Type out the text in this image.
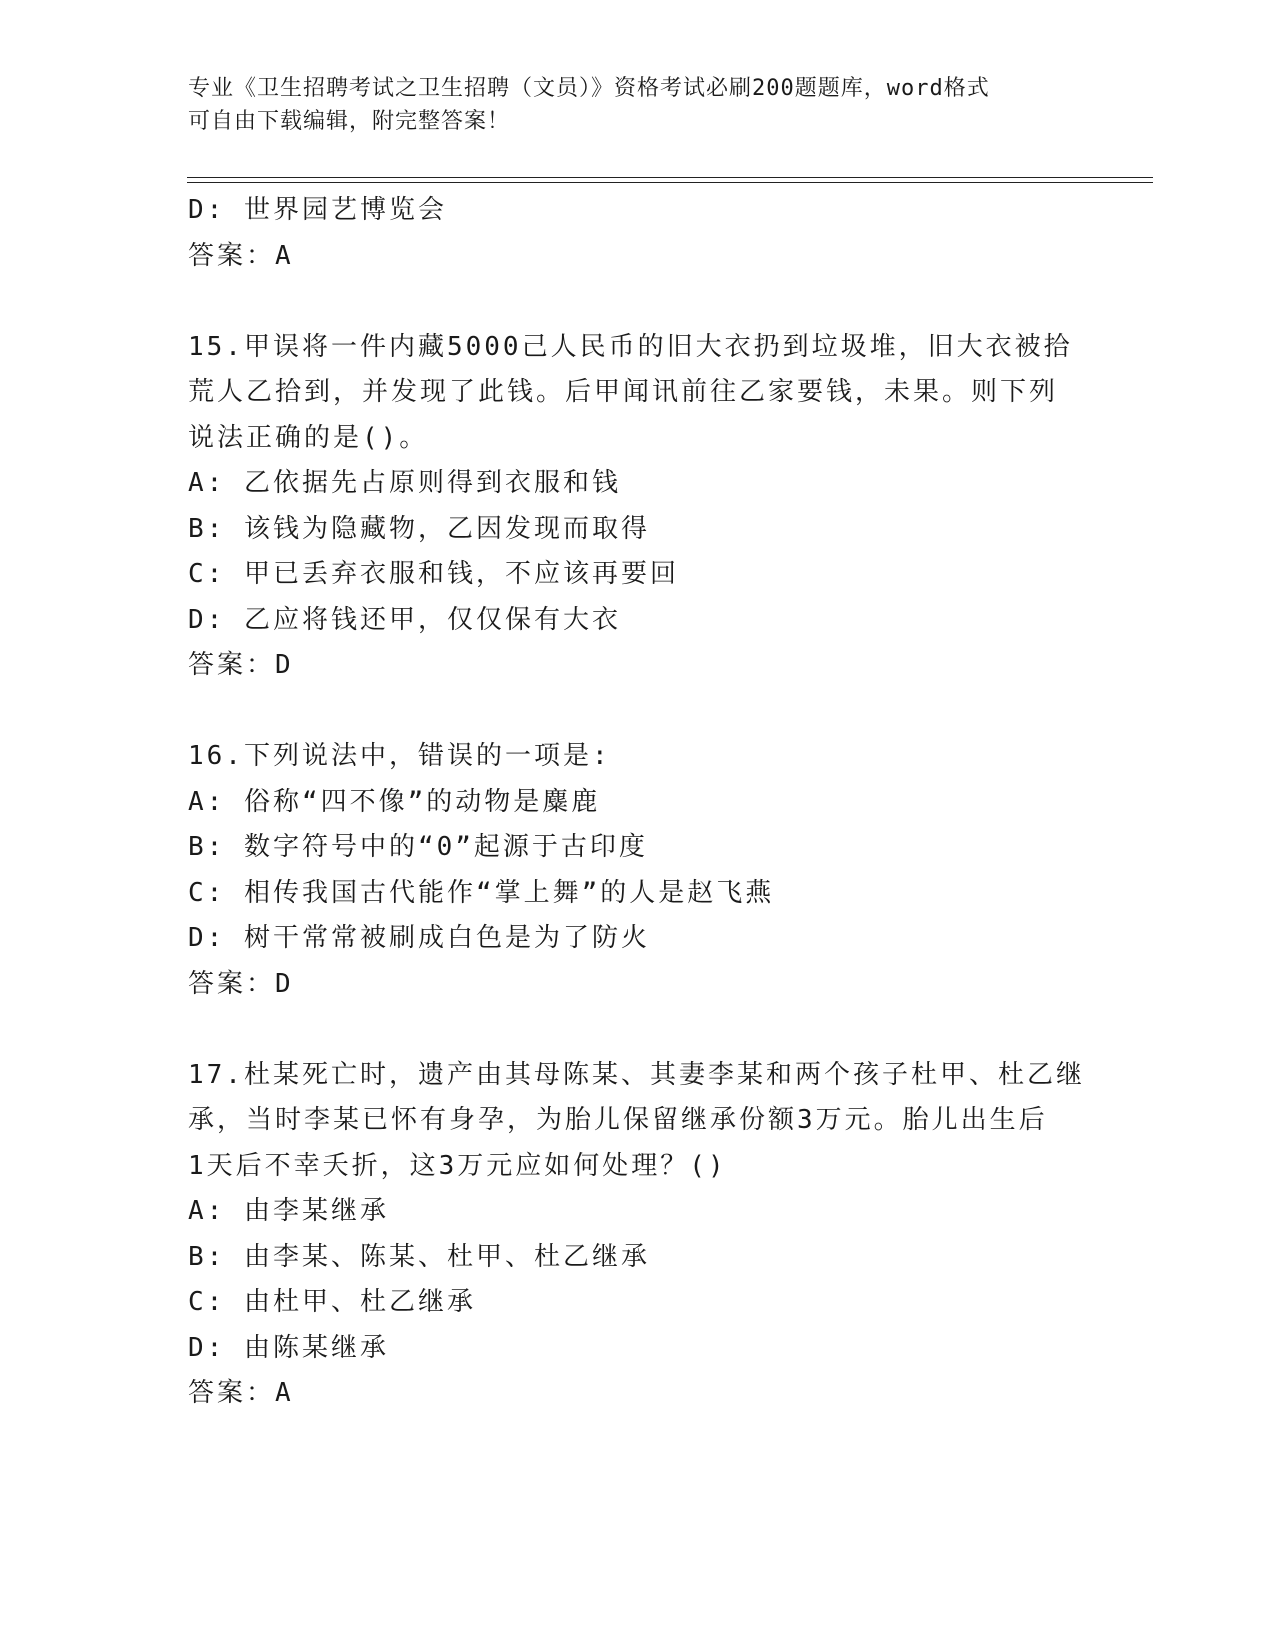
专业《卫生招聘考试之卫生招聘（文员）》资格考试必刷200题题库，word格式
可自由下载编辑，附完整答案！
D: 世界园艺博览会
答案：A
15.甲误将一件内藏5000己人民币的旧大衣扔到垃圾堆，旧大衣被拾
荒人乙拾到，并发现了此钱。后甲闻讯前往乙家要钱，未果。则下列
说法正确的是()。
A: 乙依据先占原则得到衣服和钱
B: 该钱为隐藏物，乙因发现而取得
C: 甲已丢弃衣服和钱，不应该再要回
D: 乙应将钱还甲，仅仅保有大衣
答案：D
16.下列说法中，错误的一项是:
A: 俗称“四不像”的动物是麋鹿
B: 数字符号中的“0”起源于古印度
C: 相传我国古代能作“掌上舞”的人是赵飞燕
D: 树干常常被刷成白色是为了防火
答案：D
17.杜某死亡时，遗产由其母陈某、其妻李某和两个孩子杜甲、杜乙继
承，当时李某已怀有身孕，为胎儿保留继承份额3万元。胎儿出生后
1天后不幸夭折，这3万元应如何处理？()
A: 由李某继承
B: 由李某、陈某、杜甲、杜乙继承
C: 由杜甲、杜乙继承
D: 由陈某继承
答案：A
